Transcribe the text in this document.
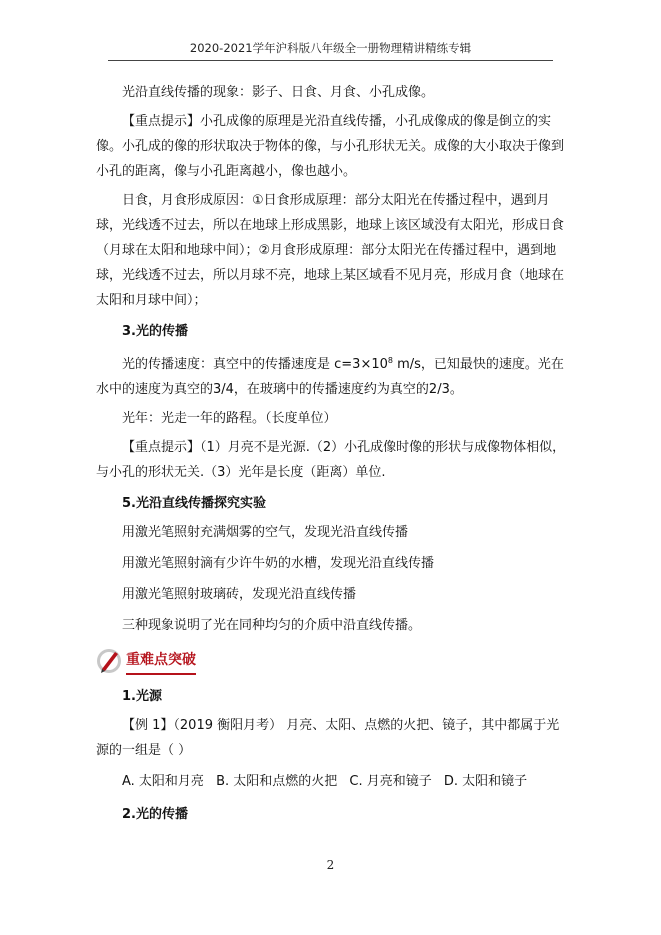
2020-2021学年沪科版八年级全一册物理精讲精练专辑

光沿直线传播的现象：影子、日食、月食、小孔成像。

【重点提示】小孔成像的原理是光沿直线传播，小孔成像成的像是倒立的实像。小孔成的像的形状取决于物体的像，与小孔形状无关。成像的大小取决于像到小孔的距离，像与小孔距离越小，像也越小。

日食，月食形成原因：①日食形成原理：部分太阳光在传播过程中，遇到月球，光线透不过去，所以在地球上形成黑影，地球上该区域没有太阳光，形成日食（月球在太阳和地球中间）；②月食形成原理：部分太阳光在传播过程中，遇到地球，光线透不过去，所以月球不亮，地球上某区域看不见月亮，形成月食（地球在太阳和月球中间）；

3.光的传播

光的传播速度：真空中的传播速度是 $c=3\times 10^8$ m/s，已知最快的速度。光在水中的速度为真空的3/4，在玻璃中的传播速度约为真空的2/3。

光年：光走一年的路程。（长度单位）

【重点提示】（1）月亮不是光源.（2）小孔成像时像的形状与成像物体相似，与小孔的形状无关.（3）光年是长度（距离）单位.

5.光沿直线传播探究实验

用激光笔照射充满烟雾的空气，发现光沿直线传播

用激光笔照射滴有少许牛奶的水槽，发现光沿直线传播

用激光笔照射玻璃砖，发现光沿直线传播

三种现象说明了光在同种均匀的介质中沿直线传播。

重难点突破

1.光源

【例 1】（2019 衡阳月考） 月亮、太阳、点燃的火把、镜子，其中都属于光源的一组是（ ）

A. 太阳和月亮 B. 太阳和点燃的火把 C. 月亮和镜子 D. 太阳和镜子

2.光的传播

2
